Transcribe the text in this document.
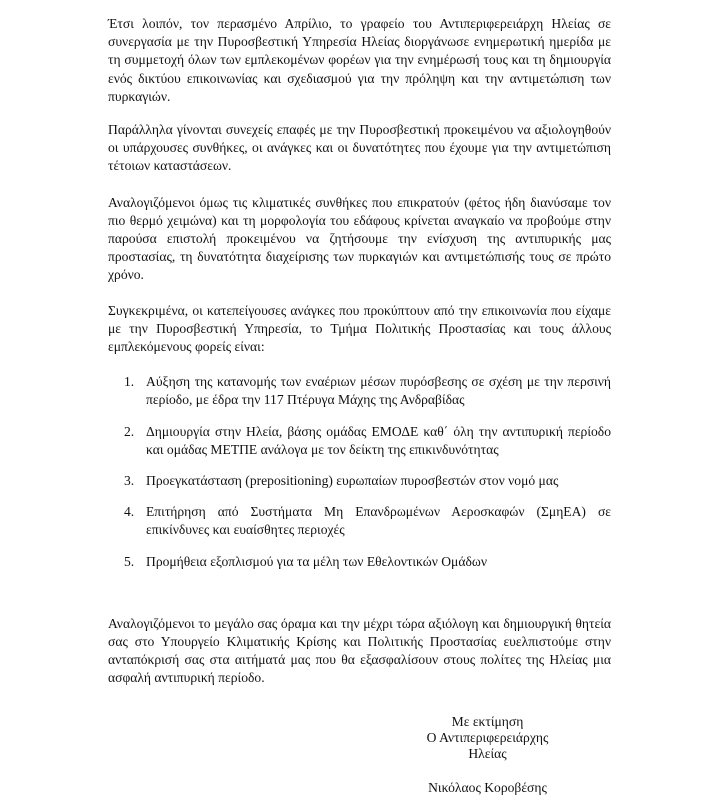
Έτσι λοιπόν, τον περασμένο Απρίλιο, το γραφείο του Αντιπεριφερειάρχη Ηλείας σε συνεργασία με την Πυροσβεστική Υπηρεσία Ηλείας διοργάνωσε ενημερωτική ημερίδα με τη συμμετοχή όλων των εμπλεκομένων φορέων για την ενημέρωσή τους και τη δημιουργία ενός δικτύου επικοινωνίας και σχεδιασμού για την πρόληψη και την αντιμετώπιση των πυρκαγιών.

Παράλληλα γίνονται συνεχείς επαφές με την Πυροσβεστική προκειμένου να αξιολογηθούν οι υπάρχουσες συνθήκες, οι ανάγκες και οι δυνατότητες που έχουμε για την αντιμετώπιση τέτοιων καταστάσεων.

Αναλογιζόμενοι όμως τις κλιματικές συνθήκες που επικρατούν (φέτος ήδη διανύσαμε τον πιο θερμό χειμώνα) και τη μορφολογία του εδάφους κρίνεται αναγκαίο να προβούμε στην παρούσα επιστολή προκειμένου να ζητήσουμε την ενίσχυση της αντιπυρικής μας προστασίας, τη δυνατότητα διαχείρισης των πυρκαγιών και αντιμετώπισής τους σε πρώτο χρόνο.

Συγκεκριμένα, οι κατεπείγουσες ανάγκες που προκύπτουν από την επικοινωνία που είχαμε με την Πυροσβεστική Υπηρεσία, το Τμήμα Πολιτικής Προστασίας και τους άλλους εμπλεκόμενους φορείς είναι:

1. Αύξηση της κατανομής των εναέριων μέσων πυρόσβεσης σε σχέση με την περσινή περίοδο, με έδρα την 117 Πτέρυγα Μάχης της Ανδραβίδας
2. Δημιουργία στην Ηλεία, βάσης ομάδας ΕΜΟΔΕ καθ΄ όλη την αντιπυρική περίοδο και ομάδας ΜΕΤΠΕ ανάλογα με τον δείκτη της επικινδυνότητας
3. Προεγκατάσταση (prepositioning) ευρωπαίων πυροσβεστών στον νομό μας
4. Επιτήρηση από Συστήματα Μη Επανδρωμένων Αεροσκαφών (ΣμηΕΑ) σε επικίνδυνες και ευαίσθητες περιοχές
5. Προμήθεια εξοπλισμού για τα μέλη των Εθελοντικών Ομάδων

Αναλογιζόμενοι το μεγάλο σας όραμα και την μέχρι τώρα αξιόλογη και δημιουργική θητεία σας στο Υπουργείο Κλιματικής Κρίσης και Πολιτικής Προστασίας ευελπιστούμε στην ανταπόκρισή σας στα αιτήματά μας που θα εξασφαλίσουν στους πολίτες της Ηλείας μια ασφαλή αντιπυρική περίοδο.

Με εκτίμηση
Ο Αντιπεριφερειάρχης
Ηλείας
Νικόλαος Κοροβέσης
